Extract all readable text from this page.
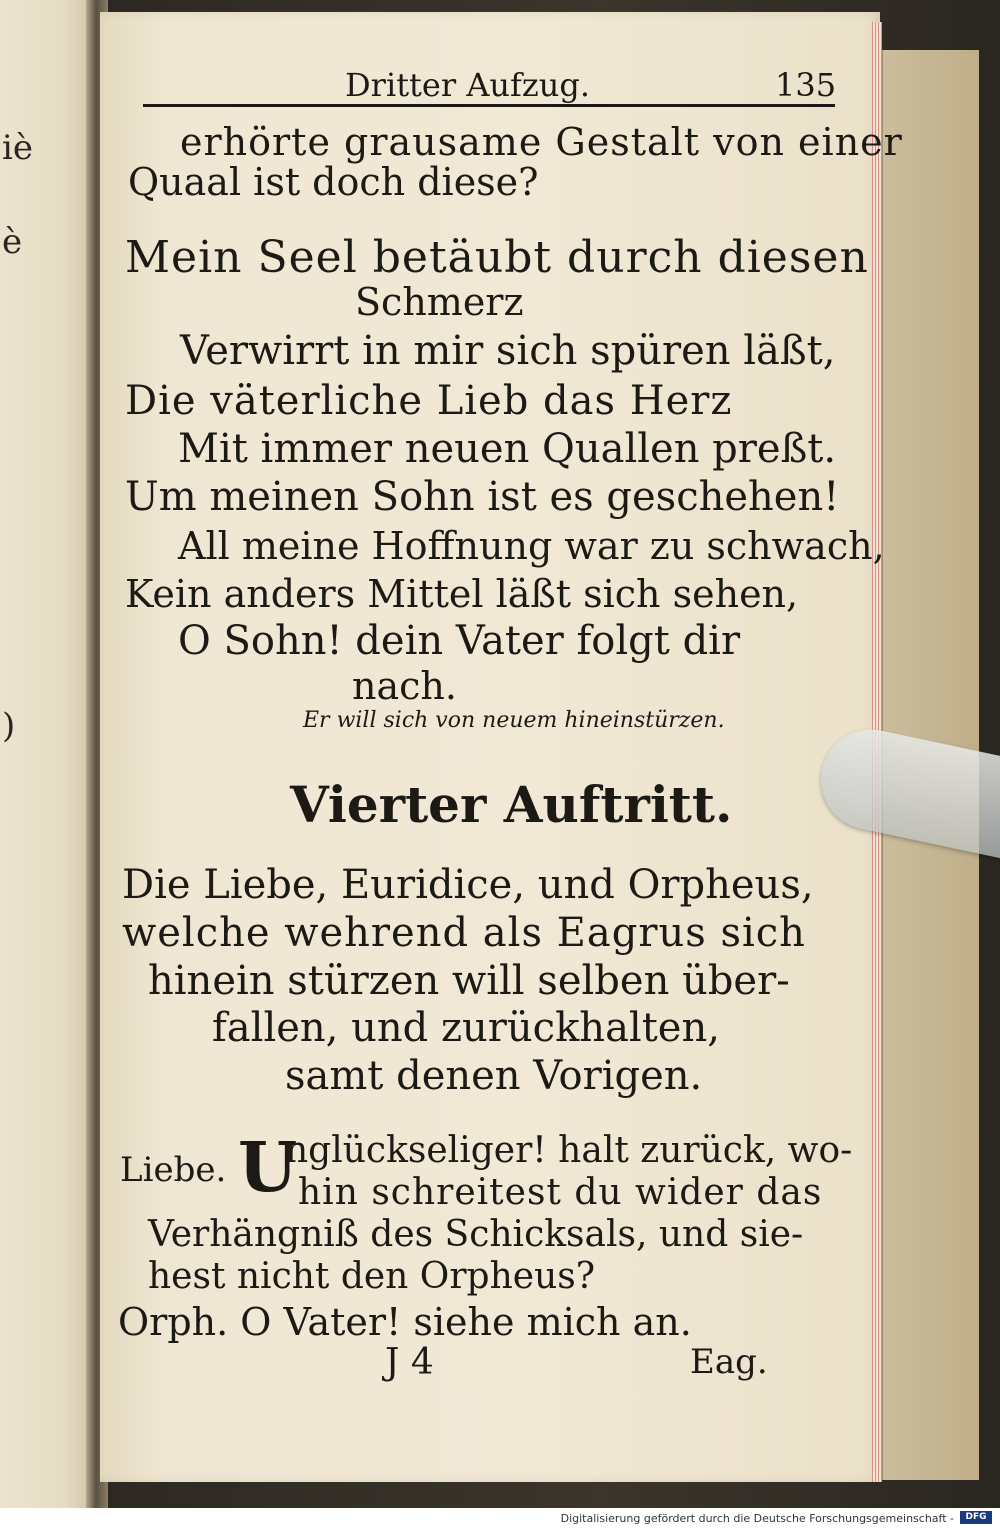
iè
è
)
Dritter Aufzug.	135
erhörte grausame Gestalt von einer
Quaal ist doch diese?
Mein Seel betäubt durch diesen
Schmerz
Verwirrt in mir sich spüren läßt,
Die väterliche Lieb das Herz
Mit immer neuen Quallen preßt.
Um meinen Sohn ist es geschehen!
All meine Hoffnung war zu schwach,
Kein anders Mittel läßt sich sehen,
O Sohn! dein Vater folgt dir
nach.
Er will sich von neuem hineinstürzen.
Vierter Auftritt.
Die Liebe, Euridice, und Orpheus,
welche wehrend als Eagrus sich
hinein stürzen will selben über-
fallen, und zurückhalten,
samt denen Vorigen.
Liebe. U
nglückseliger! halt zurück, wo-
hin schreitest du wider das
Verhängniß des Schicksals, und sie-
hest nicht den Orpheus?
Orph. O Vater! siehe mich an.
J 4	Eag.
Digitalisierung gefördert durch die Deutsche Forschungsgemeinschaft -	DFG
